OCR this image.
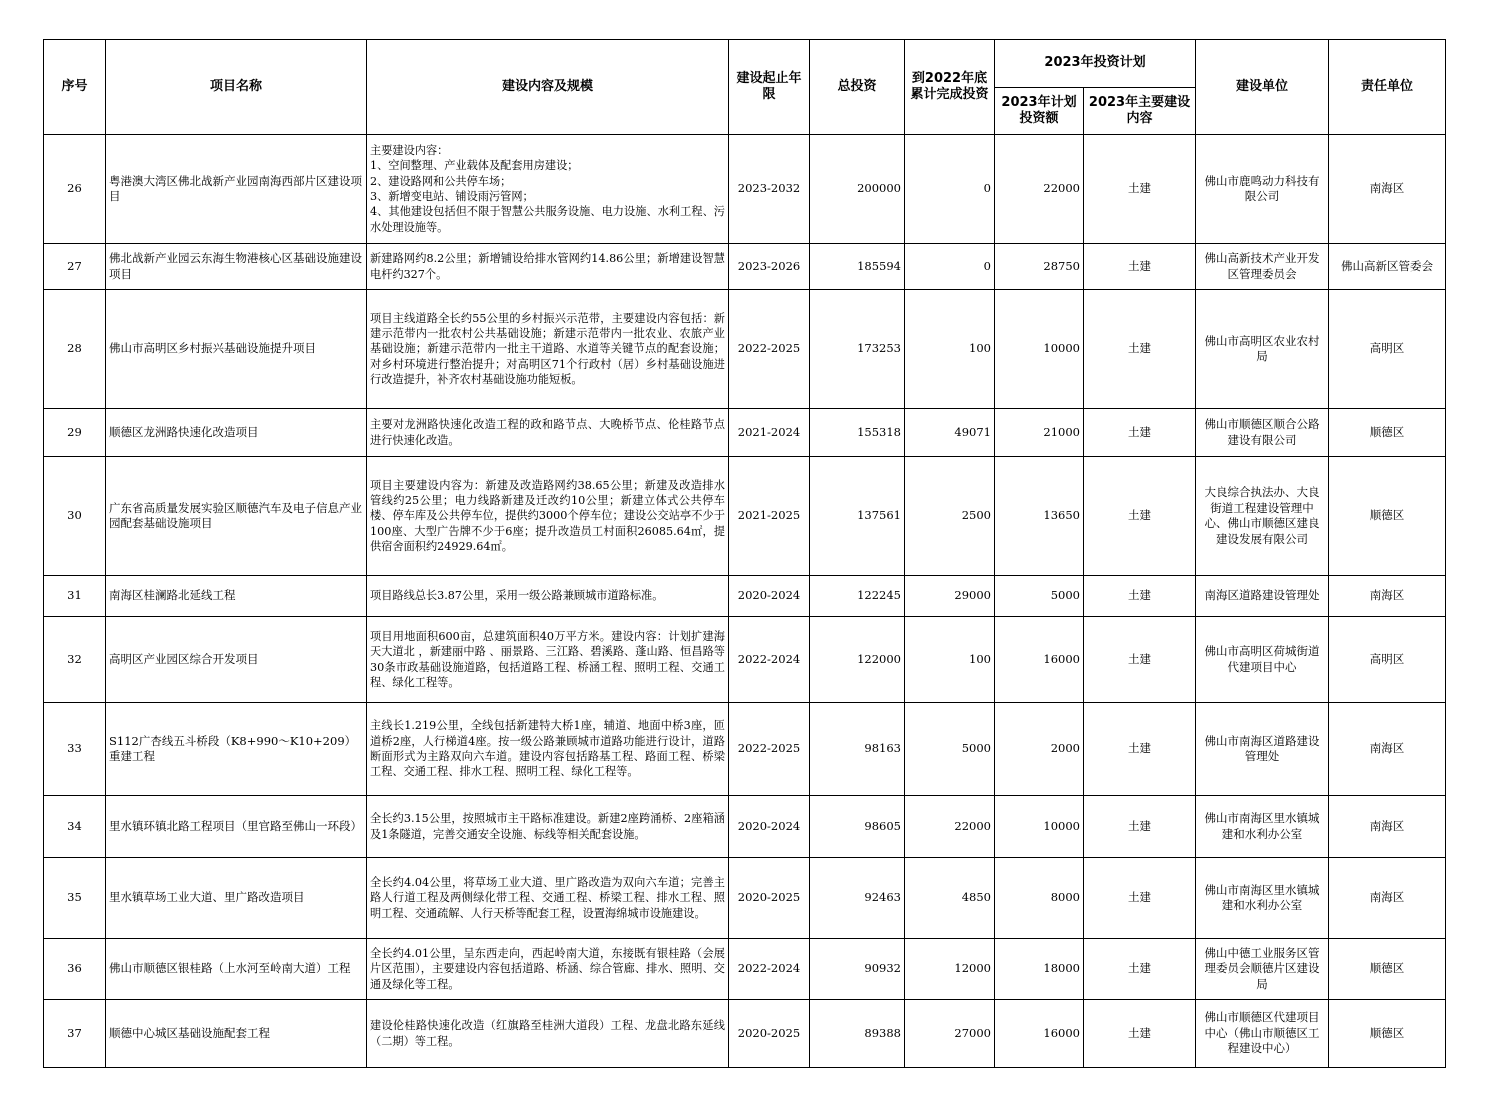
序号	项目名称	建设内容及规模	建设起止年限	总投资	到2022年底累计完成投资	2023年投资计划		建设单位	责任单位
						2023年计划投资额	2023年主要建设内容		
26	粤港澳大湾区佛北战新产业园南海西部片区建设项目	主要建设内容：
1、空间整理、产业载体及配套用房建设；
2、建设路网和公共停车场；
3、新增变电站、铺设雨污管网；
4、其他建设包括但不限于智慧公共服务设施、电力设施、水利工程、污水处理设施等。	2023-2032	200000	0	22000	土建	佛山市鹿鸣动力科技有限公司	南海区
27	佛北战新产业园云东海生物港核心区基础设施建设项目	新建路网约8.2公里；新增铺设给排水管网约14.86公里；新增建设智慧电杆约327个。	2023-2026	185594	0	28750	土建	佛山高新技术产业开发区管理委员会	佛山高新区管委会
28	佛山市高明区乡村振兴基础设施提升项目	项目主线道路全长约55公里的乡村振兴示范带，主要建设内容包括：新建示范带内一批农村公共基础设施；新建示范带内一批农业、农旅产业基础设施；新建示范带内一批主干道路、水道等关键节点的配套设施；对乡村环境进行整治提升；对高明区71个行政村（居）乡村基础设施进行改造提升，补齐农村基础设施功能短板。	2022-2025	173253	100	10000	土建	佛山市高明区农业农村局	高明区
29	顺德区龙洲路快速化改造项目	主要对龙洲路快速化改造工程的政和路节点、大晚桥节点、伦桂路节点进行快速化改造。	2021-2024	155318	49071	21000	土建	佛山市顺德区顺合公路建设有限公司	顺德区
30	广东省高质量发展实验区顺德汽车及电子信息产业园配套基础设施项目	项目主要建设内容为：新建及改造路网约38.65公里；新建及改造排水管线约25公里；电力线路新建及迁改约10公里；新建立体式公共停车楼、停车库及公共停车位，提供约3000个停车位；建设公交站亭不少于100座、大型广告牌不少于6座；提升改造员工村面积26085.64㎡，提供宿舍面积约24929.64㎡。	2021-2025	137561	2500	13650	土建	大良综合执法办、大良街道工程建设管理中心、佛山市顺德区建良建设发展有限公司	顺德区
31	南海区桂澜路北延线工程	项目路线总长3.87公里，采用一级公路兼顾城市道路标准。	2020-2024	122245	29000	5000	土建	南海区道路建设管理处	南海区
32	高明区产业园区综合开发项目	项目用地面积600亩，总建筑面积40万平方米。建设内容：计划扩建海天大道北 ，新建丽中路 、丽景路、三江路、碧溪路、蓬山路、恒昌路等30条市政基础设施道路，包括道路工程、桥涵工程、照明工程、交通工程、绿化工程等。	2022-2024	122000	100	16000	土建	佛山市高明区荷城街道代建项目中心	高明区
33	S112广杏线五斗桥段（K8+990～K10+209）重建工程	主线长1.219公里，全线包括新建特大桥1座，辅道、地面中桥3座，匝道桥2座，人行梯道4座。按一级公路兼顾城市道路功能进行设计，道路断面形式为主路双向六车道。建设内容包括路基工程、路面工程、桥梁工程、交通工程、排水工程、照明工程、绿化工程等。	2022-2025	98163	5000	2000	土建	佛山市南海区道路建设管理处	南海区
34	里水镇环镇北路工程项目（里官路至佛山一环段）	全长约3.15公里，按照城市主干路标准建设。新建2座跨涌桥、2座箱涵及1条隧道，完善交通安全设施、标线等相关配套设施。	2020-2024	98605	22000	10000	土建	佛山市南海区里水镇城建和水利办公室	南海区
35	里水镇草场工业大道、里广路改造项目	全长约4.04公里，将草场工业大道、里广路改造为双向六车道；完善主路人行道工程及两侧绿化带工程、交通工程、桥梁工程、排水工程、照明工程、交通疏解、人行天桥等配套工程，设置海绵城市设施建设。	2020-2025	92463	4850	8000	土建	佛山市南海区里水镇城建和水利办公室	南海区
36	佛山市顺德区银桂路（上水河至岭南大道）工程	全长约4.01公里，呈东西走向，西起岭南大道，东接既有银桂路（会展片区范围），主要建设内容包括道路、桥涵、综合管廊、排水、照明、交通及绿化等工程。	2022-2024	90932	12000	18000	土建	佛山中德工业服务区管理委员会顺德片区建设局	顺德区
37	顺德中心城区基础设施配套工程	建设伦桂路快速化改造（红旗路至桂洲大道段）工程、龙盘北路东延线（二期）等工程。	2020-2025	89388	27000	16000	土建	佛山市顺德区代建项目中心（佛山市顺德区工程建设中心）	顺德区
